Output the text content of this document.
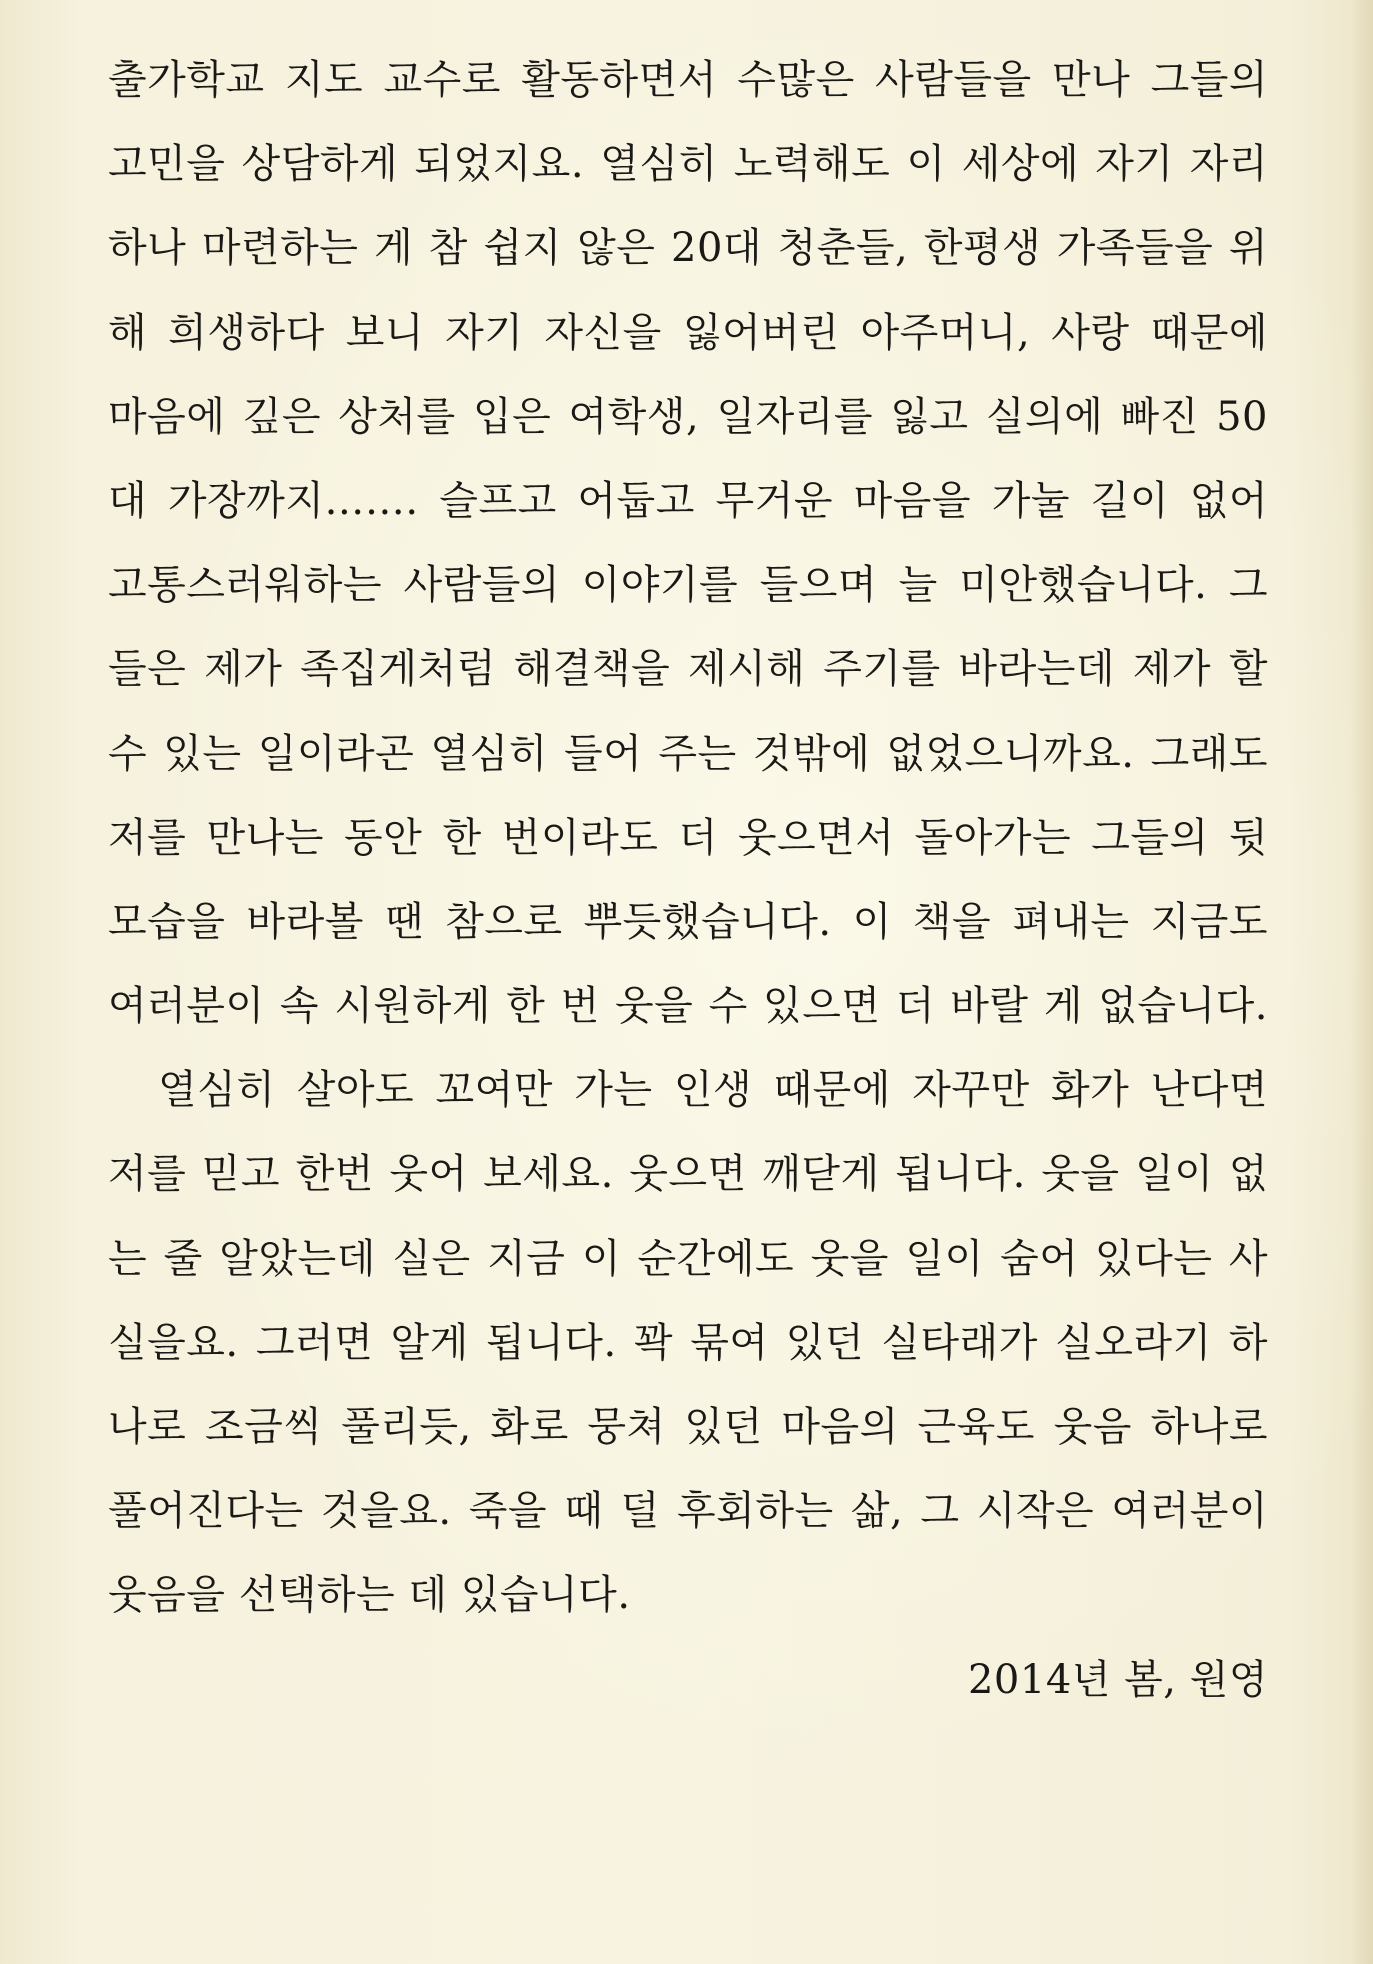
출가학교 지도 교수로 활동하면서 수많은 사람들을 만나 그들의
고민을 상담하게 되었지요. 열심히 노력해도 이 세상에 자기 자리
하나 마련하는 게 참 쉽지 않은 20대 청춘들, 한평생 가족들을 위
해 희생하다 보니 자기 자신을 잃어버린 아주머니, 사랑 때문에
마음에 깊은 상처를 입은 여학생, 일자리를 잃고 실의에 빠진 50
대 가장까지……. 슬프고 어둡고 무거운 마음을 가눌 길이 없어
고통스러워하는 사람들의 이야기를 들으며 늘 미안했습니다. 그
들은 제가 족집게처럼 해결책을 제시해 주기를 바라는데 제가 할
수 있는 일이라곤 열심히 들어 주는 것밖에 없었으니까요. 그래도
저를 만나는 동안 한 번이라도 더 웃으면서 돌아가는 그들의 뒷
모습을 바라볼 땐 참으로 뿌듯했습니다. 이 책을 펴내는 지금도
여러분이 속 시원하게 한 번 웃을 수 있으면 더 바랄 게 없습니다.
열심히 살아도 꼬여만 가는 인생 때문에 자꾸만 화가 난다면
저를 믿고 한번 웃어 보세요. 웃으면 깨닫게 됩니다. 웃을 일이 없
는 줄 알았는데 실은 지금 이 순간에도 웃을 일이 숨어 있다는 사
실을요. 그러면 알게 됩니다. 꽉 묶여 있던 실타래가 실오라기 하
나로 조금씩 풀리듯, 화로 뭉쳐 있던 마음의 근육도 웃음 하나로
풀어진다는 것을요. 죽을 때 덜 후회하는 삶, 그 시작은 여러분이
웃음을 선택하는 데 있습니다.
2014년 봄, 원영
